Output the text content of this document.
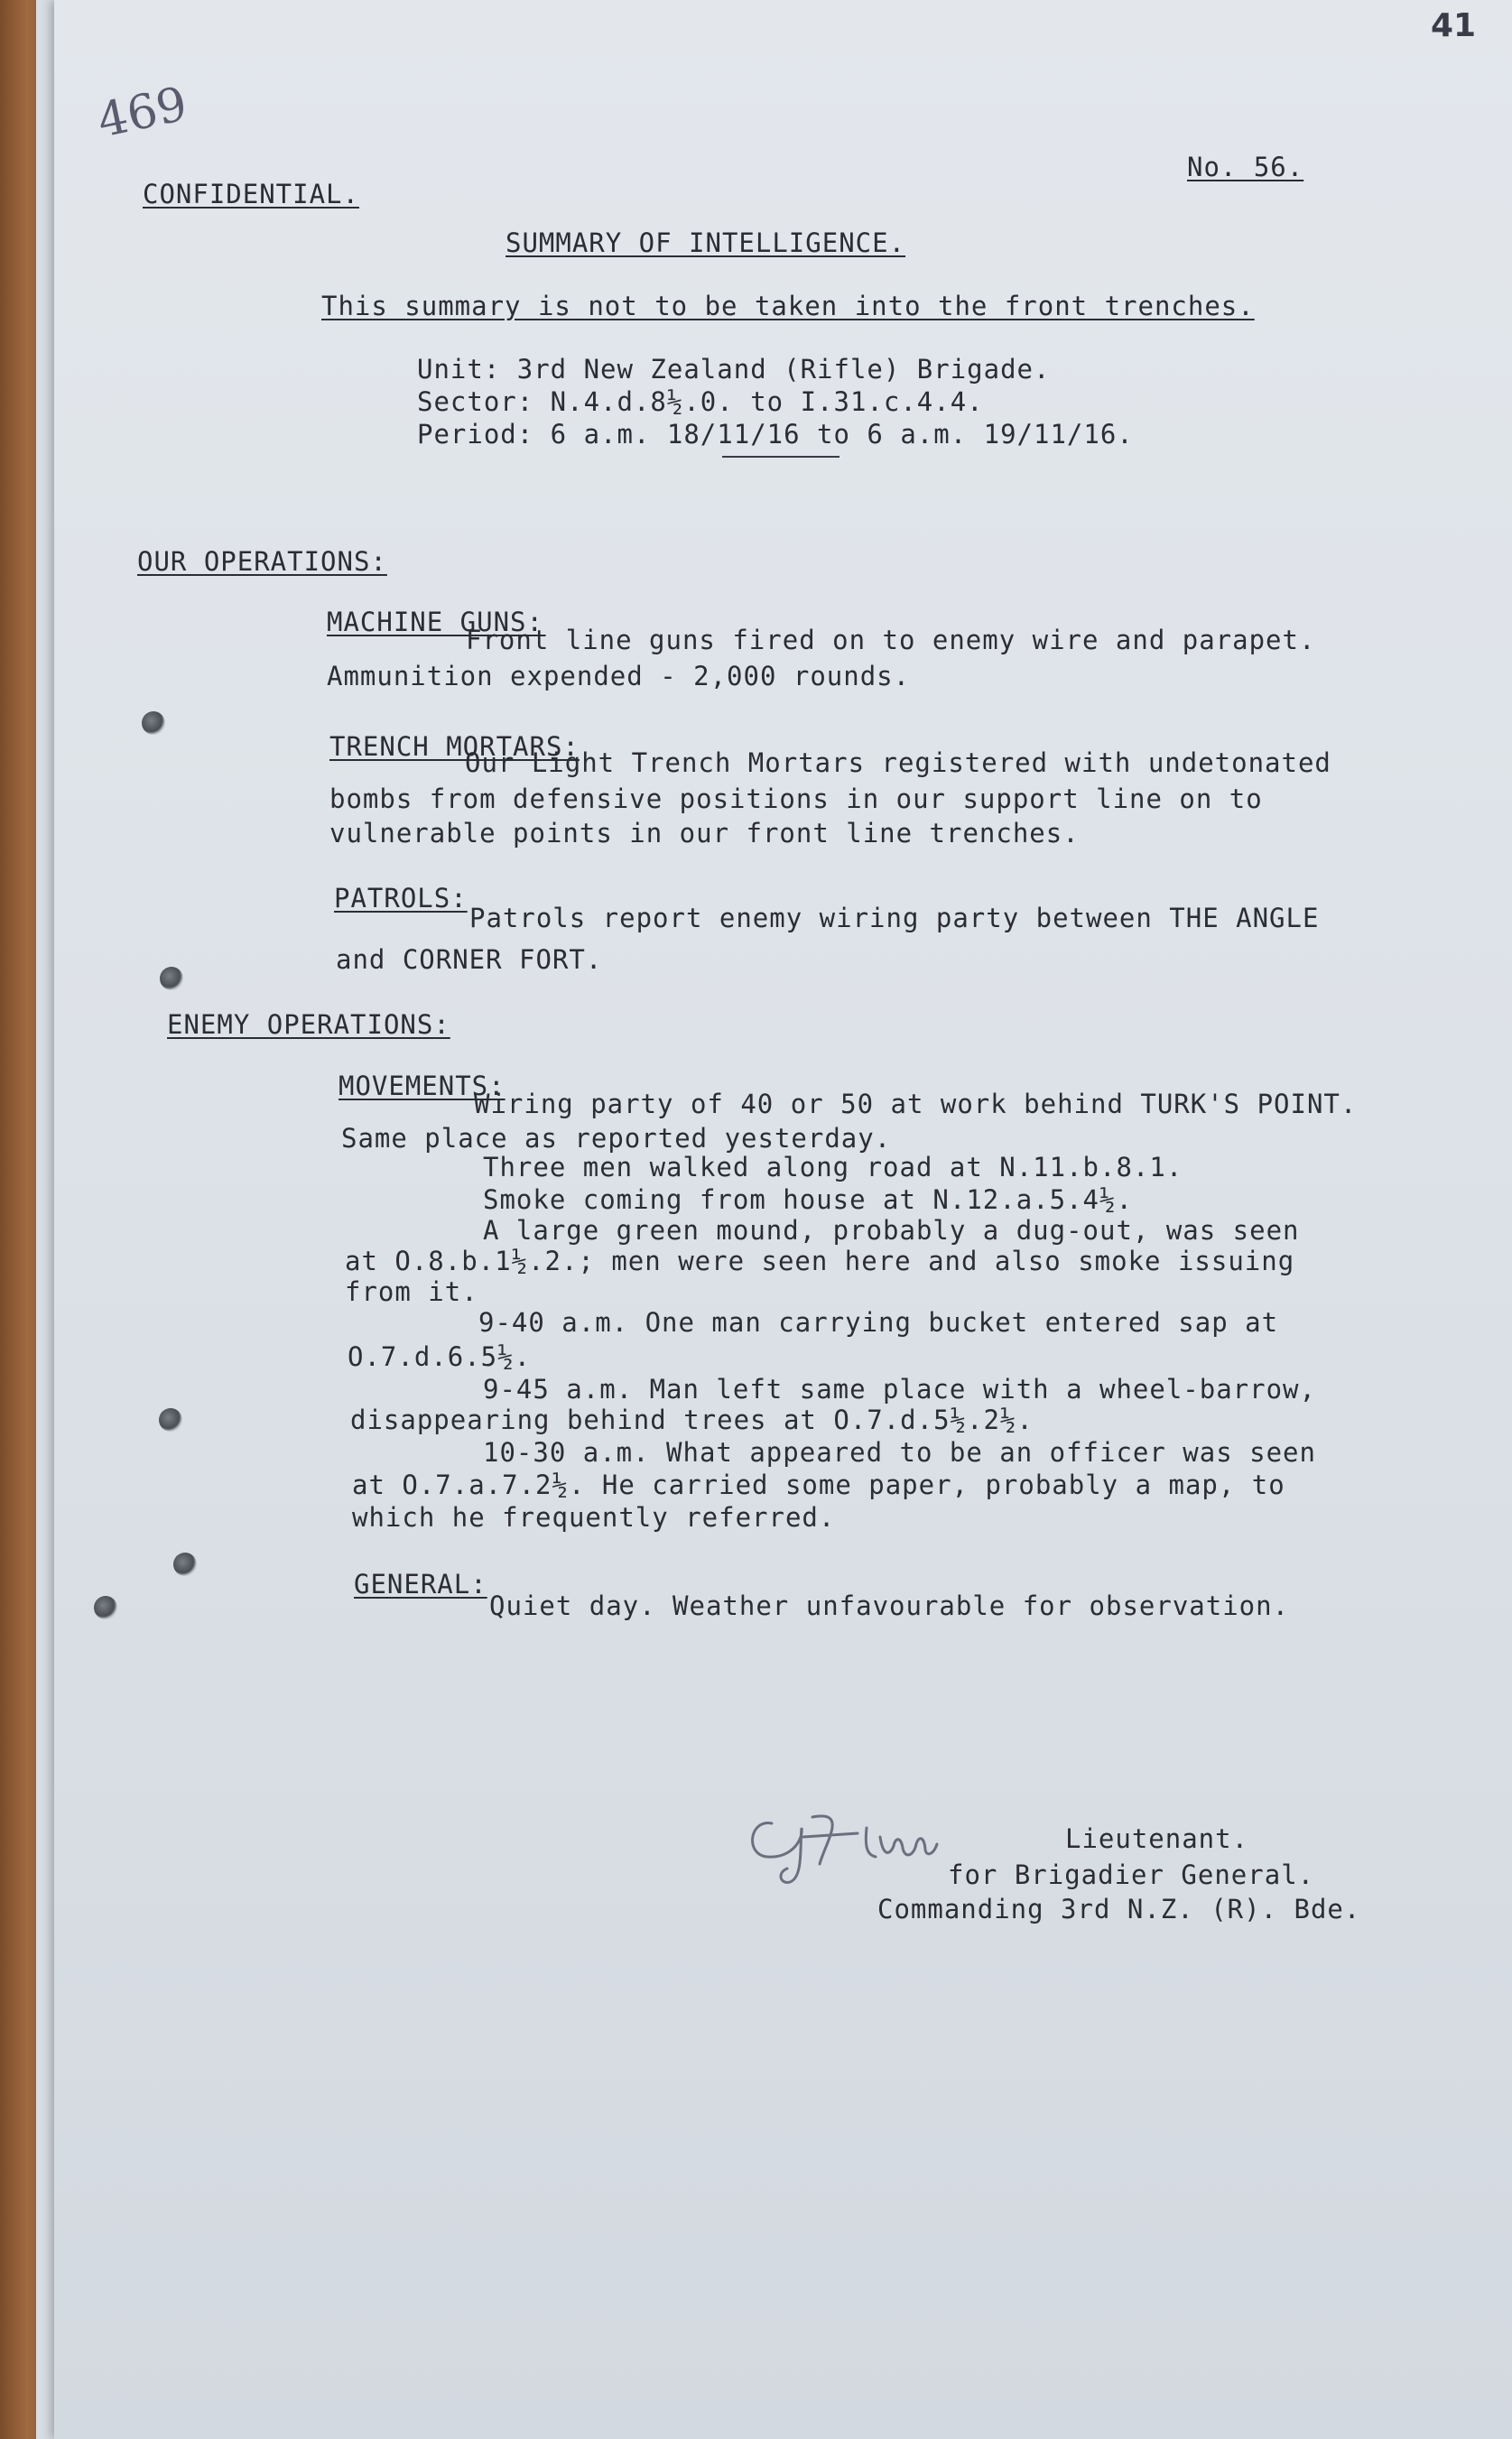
469
41
CONFIDENTIAL.
No. 56.
SUMMARY OF INTELLIGENCE.
This summary is not to be taken into the front trenches.
Unit: 3rd New Zealand (Rifle) Brigade.
Sector: N.4.d.8½.0. to I.31.c.4.4.
Period: 6 a.m. 18/11/16 to 6 a.m. 19/11/16.
OUR OPERATIONS:
MACHINE GUNS:
Front line guns fired on to enemy wire and parapet.
Ammunition expended - 2,000 rounds.
TRENCH MORTARS:
Our Light Trench Mortars registered with undetonated
bombs from defensive positions in our support line on to
vulnerable points in our front line trenches.
PATROLS:
Patrols report enemy wiring party between THE ANGLE
and CORNER FORT.
ENEMY OPERATIONS:
MOVEMENTS:
Wiring party of 40 or 50 at work behind TURK'S POINT.
Same place as reported yesterday.
Three men walked along road at N.11.b.8.1.
Smoke coming from house at N.12.a.5.4½.
A large green mound, probably a dug-out, was seen
at O.8.b.1½.2.; men were seen here and also smoke issuing
from it.
9-40 a.m. One man carrying bucket entered sap at
O.7.d.6.5½.
9-45 a.m. Man left same place with a wheel-barrow,
disappearing behind trees at O.7.d.5½.2½.
10-30 a.m. What appeared to be an officer was seen
at O.7.a.7.2½. He carried some paper, probably a map, to
which he frequently referred.
GENERAL:
Quiet day. Weather unfavourable for observation.
Lieutenant.
for Brigadier General.
Commanding 3rd N.Z. (R). Bde.
